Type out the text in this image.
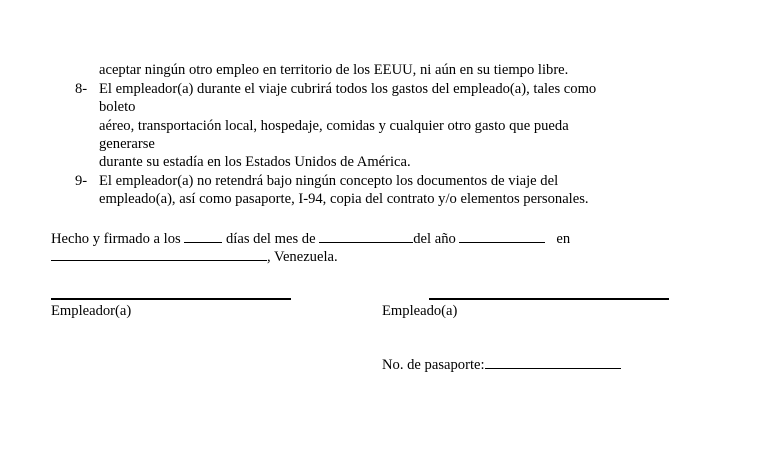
aceptar ningún otro empleo en territorio de los EEUU, ni aún en su tiempo libre.
8- El empleador(a) durante el viaje cubrirá todos los gastos del empleado(a), tales como
boleto
aéreo, transportación local, hospedaje, comidas y cualquier otro gasto que pueda
generarse
durante su estadía en los Estados Unidos de América.
9- El empleador(a) no retendrá bajo ningún concepto los documentos de viaje del
empleado(a), así como pasaporte, I-94, copia del contrato y/o elementos personales.
Hecho y firmado a los	días del mes de	del año	en
, Venezuela.
Empleador(a)	Empleado(a)
No. de pasaporte:
